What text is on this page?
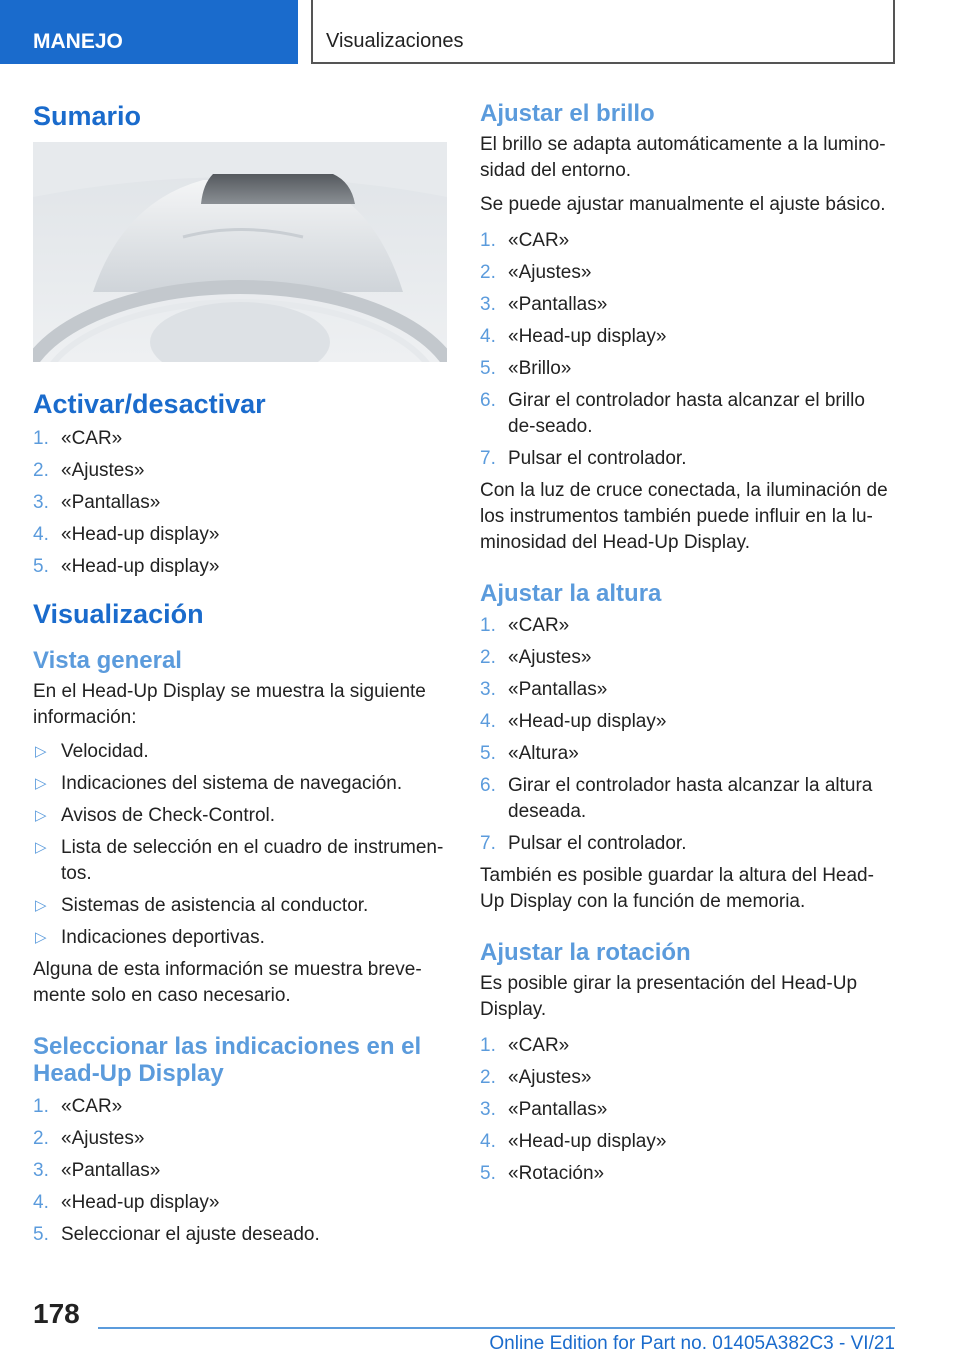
MANEJO	Visualizaciones
Sumario
Activar/desactivar
1. «CAR»
2. «Ajustes»
3. «Pantallas»
4. «Head-up display»
5. «Head-up display»
Visualización
Vista general

En el Head-Up Display se muestra la siguiente información:

▷ Velocidad.
▷ Indicaciones del sistema de navegación.
▷ Avisos de Check-Control.
▷ Lista de selección en el cuadro de instrumen-tos.
▷ Sistemas de asistencia al conductor.
▷ Indicaciones deportivas.

Alguna de esta información se muestra breve-mente solo en caso necesario.

Seleccionar las indicaciones en el Head-Up Display
1. «CAR»
2. «Ajustes»
3. «Pantallas»
4. «Head-up display»
5. Seleccionar el ajuste deseado.
Ajustar el brillo

El brillo se adapta automáticamente a la lumino-sidad del entorno.

Se puede ajustar manualmente el ajuste básico.

1. «CAR»
2. «Ajustes»
3. «Pantallas»
4. «Head-up display»
5. «Brillo»
6. Girar el controlador hasta alcanzar el brillo de-seado.
7. Pulsar el controlador.

Con la luz de cruce conectada, la iluminación de los instrumentos también puede influir en la lu-minosidad del Head-Up Display.

Ajustar la altura
1. «CAR»
2. «Ajustes»
3. «Pantallas»
4. «Head-up display»
5. «Altura»
6. Girar el controlador hasta alcanzar la altura deseada.
7. Pulsar el controlador.

También es posible guardar la altura del Head-Up Display con la función de memoria.

Ajustar la rotación

Es posible girar la presentación del Head-Up Display.

1. «CAR»
2. «Ajustes»
3. «Pantallas»
4. «Head-up display»
5. «Rotación»
178
Online Edition for Part no. 01405A382C3 - VI/21
